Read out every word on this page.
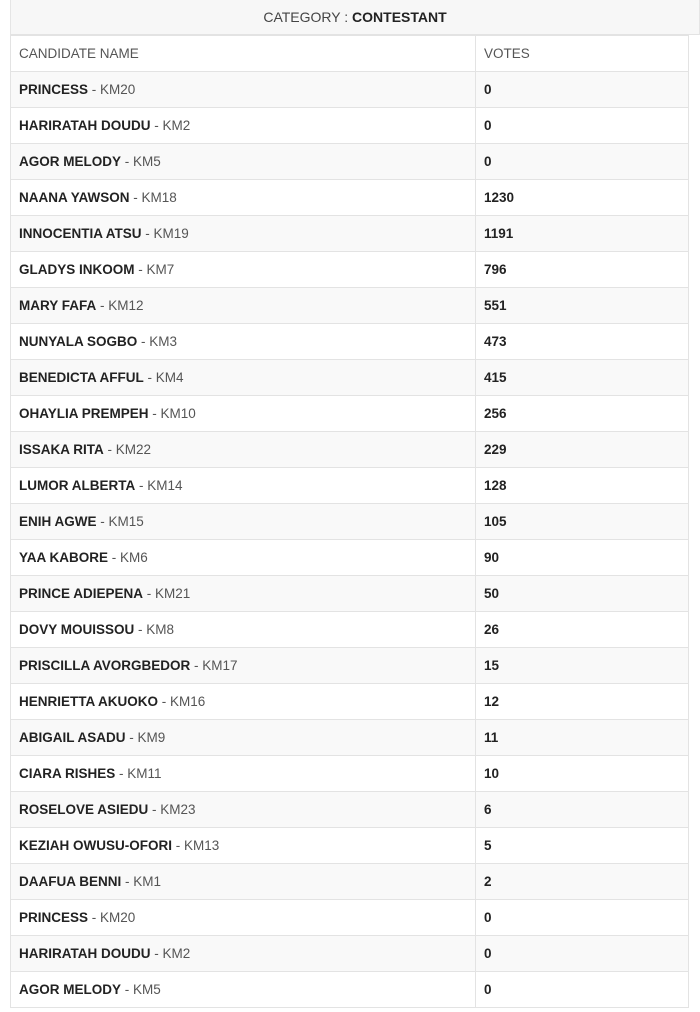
CATEGORY : CONTESTANT
CANDIDATE NAME	VOTES
PRINCESS - KM20	0
HARIRATAH DOUDU - KM2	0
AGOR MELODY - KM5	0
NAANA YAWSON - KM18	1230
INNOCENTIA ATSU - KM19	1191
GLADYS INKOOM - KM7	796
MARY FAFA - KM12	551
NUNYALA SOGBO - KM3	473
BENEDICTA AFFUL - KM4	415
OHAYLIA PREMPEH - KM10	256
ISSAKA RITA - KM22	229
LUMOR ALBERTA - KM14	128
ENIH AGWE - KM15	105
YAA KABORE - KM6	90
PRINCE ADIEPENA - KM21	50
DOVY MOUISSOU - KM8	26
PRISCILLA AVORGBEDOR - KM17	15
HENRIETTA AKUOKO - KM16	12
ABIGAIL ASADU - KM9	11
CIARA RISHES - KM11	10
ROSELOVE ASIEDU - KM23	6
KEZIAH OWUSU-OFORI - KM13	5
DAAFUA BENNI - KM1	2
PRINCESS - KM20	0
HARIRATAH DOUDU - KM2	0
AGOR MELODY - KM5	0
